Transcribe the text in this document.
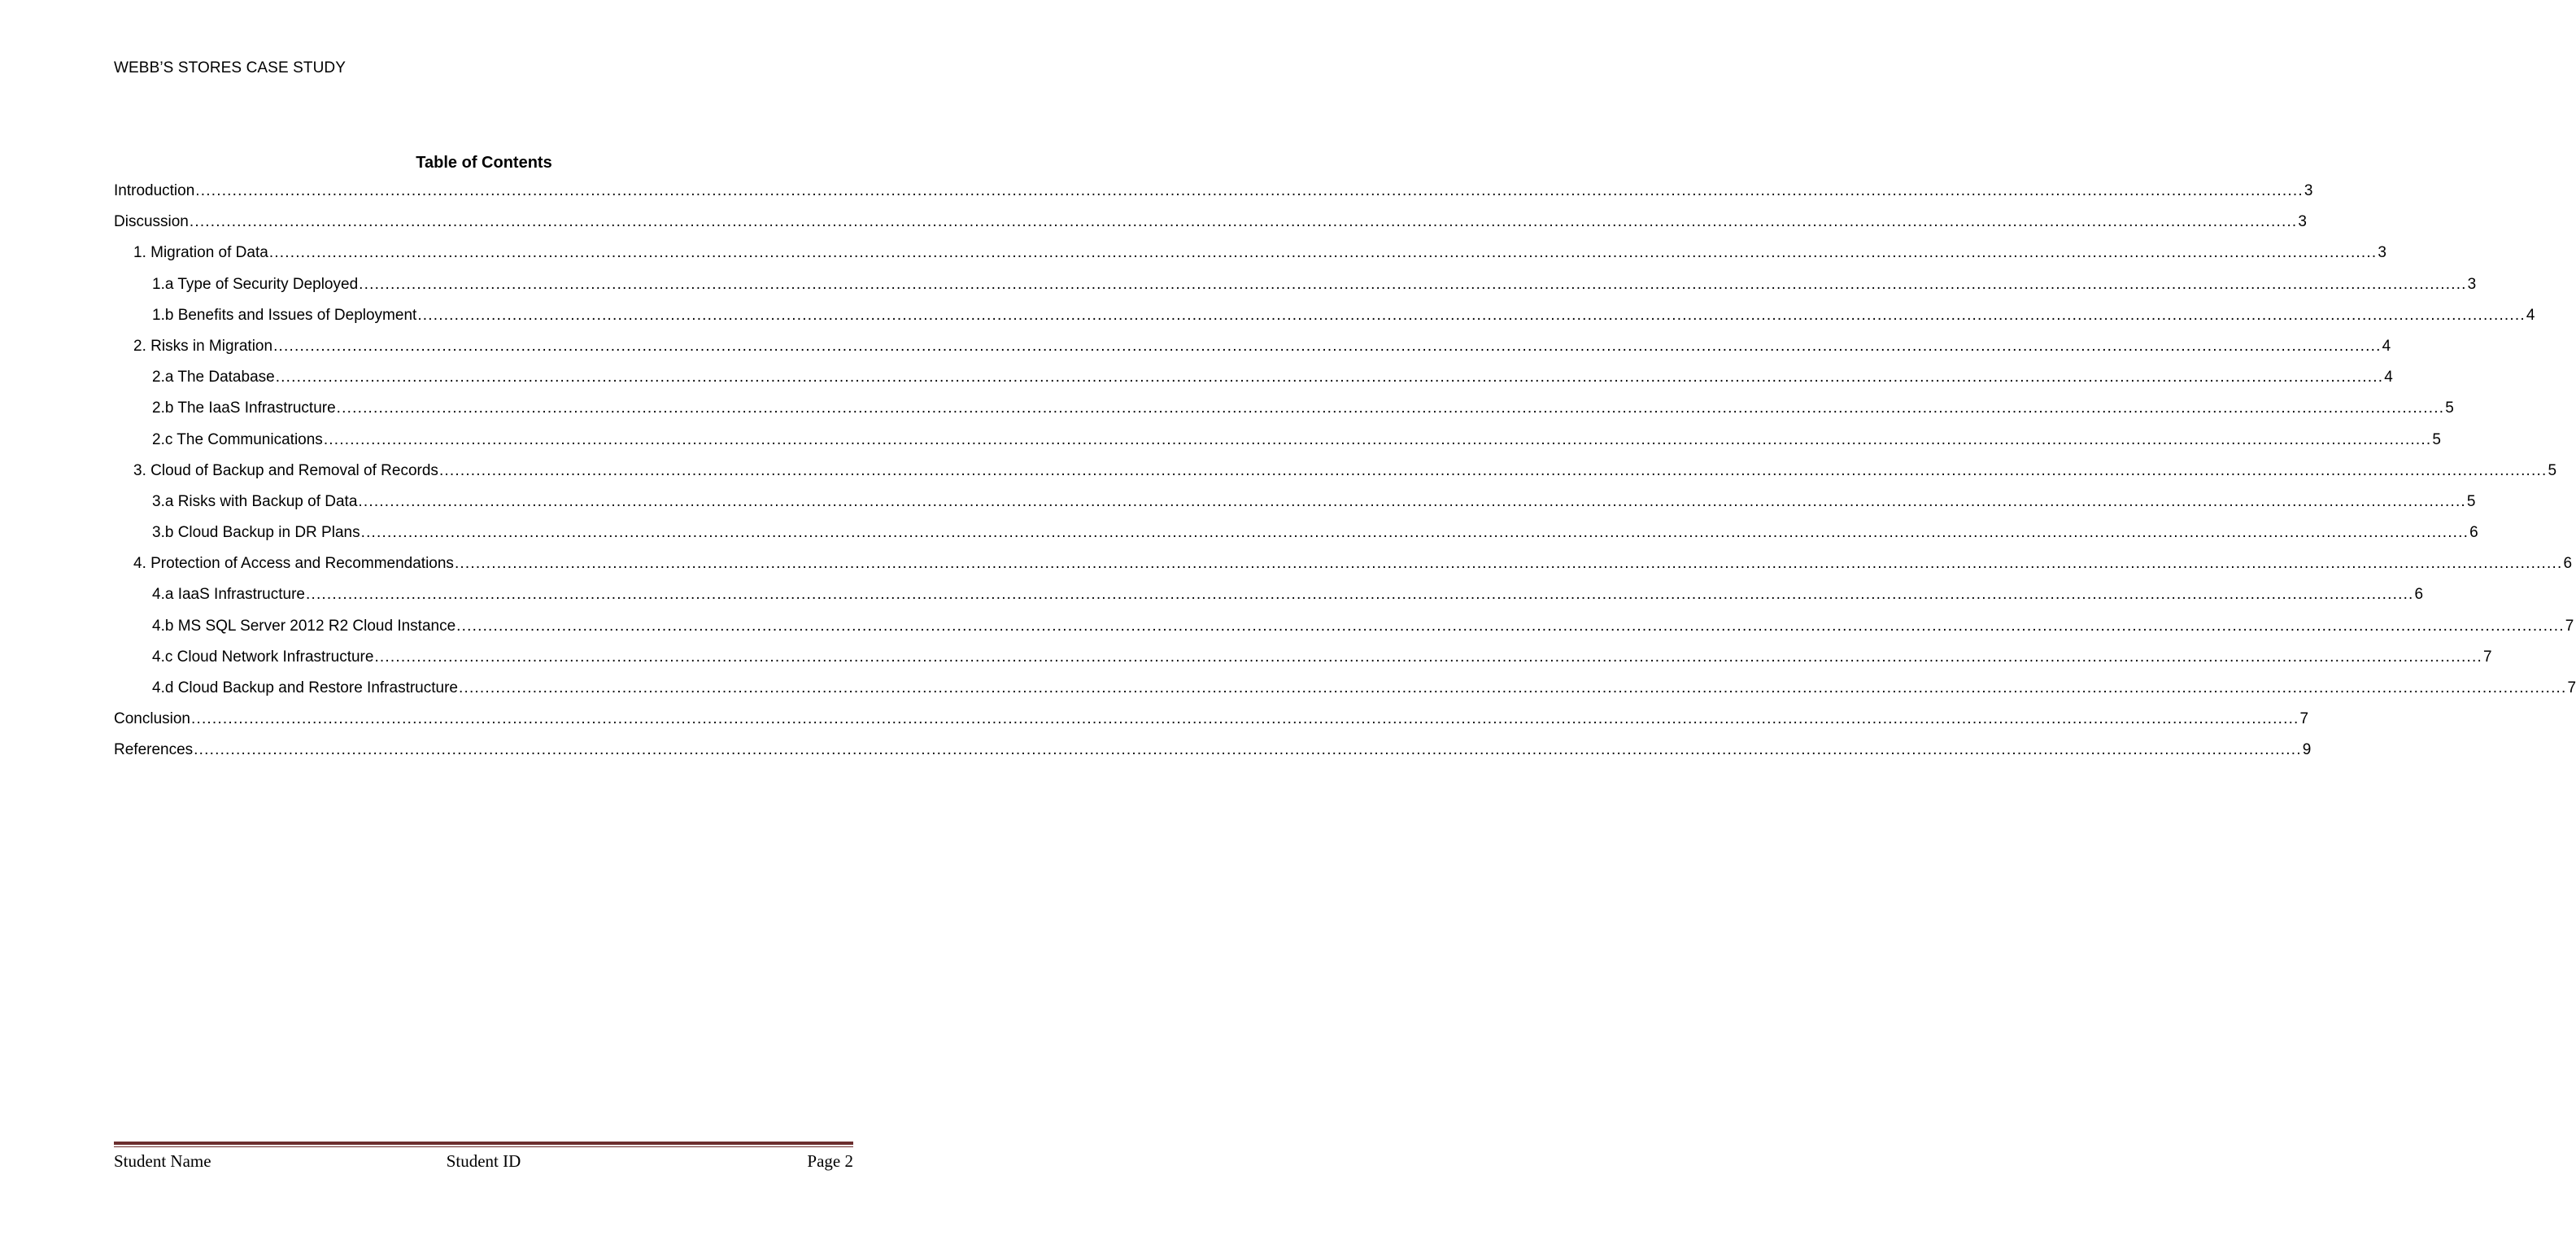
WEBB’S STORES CASE STUDY
Table of Contents
Introduction ................................................................................................................................................................................................................................................................................................................................................................................................................ 3
Discussion ................................................................................................................................................................................................................................................................................................................................................................................................................ 3
1. Migration of Data ................................................................................................................................................................................................................................................................................................................................................................................................................ 3
1.a Type of Security Deployed ................................................................................................................................................................................................................................................................................................................................................................................................................ 3
1.b Benefits and Issues of Deployment ................................................................................................................................................................................................................................................................................................................................................................................................................ 4
2. Risks in Migration ................................................................................................................................................................................................................................................................................................................................................................................................................ 4
2.a The Database ................................................................................................................................................................................................................................................................................................................................................................................................................ 4
2.b The IaaS Infrastructure ................................................................................................................................................................................................................................................................................................................................................................................................................ 5
2.c The Communications ................................................................................................................................................................................................................................................................................................................................................................................................................ 5
3. Cloud of Backup and Removal of Records ................................................................................................................................................................................................................................................................................................................................................................................................................ 5
3.a Risks with Backup of Data ................................................................................................................................................................................................................................................................................................................................................................................................................ 5
3.b Cloud Backup in DR Plans ................................................................................................................................................................................................................................................................................................................................................................................................................ 6
4. Protection of Access and Recommendations ................................................................................................................................................................................................................................................................................................................................................................................................................ 6
4.a IaaS Infrastructure ................................................................................................................................................................................................................................................................................................................................................................................................................ 6
4.b MS SQL Server 2012 R2 Cloud Instance ................................................................................................................................................................................................................................................................................................................................................................................................................ 7
4.c Cloud Network Infrastructure ................................................................................................................................................................................................................................................................................................................................................................................................................ 7
4.d Cloud Backup and Restore Infrastructure ................................................................................................................................................................................................................................................................................................................................................................................................................ 7
Conclusion ................................................................................................................................................................................................................................................................................................................................................................................................................ 7
References ................................................................................................................................................................................................................................................................................................................................................................................................................ 9
Student Name	Student ID	Page 2
